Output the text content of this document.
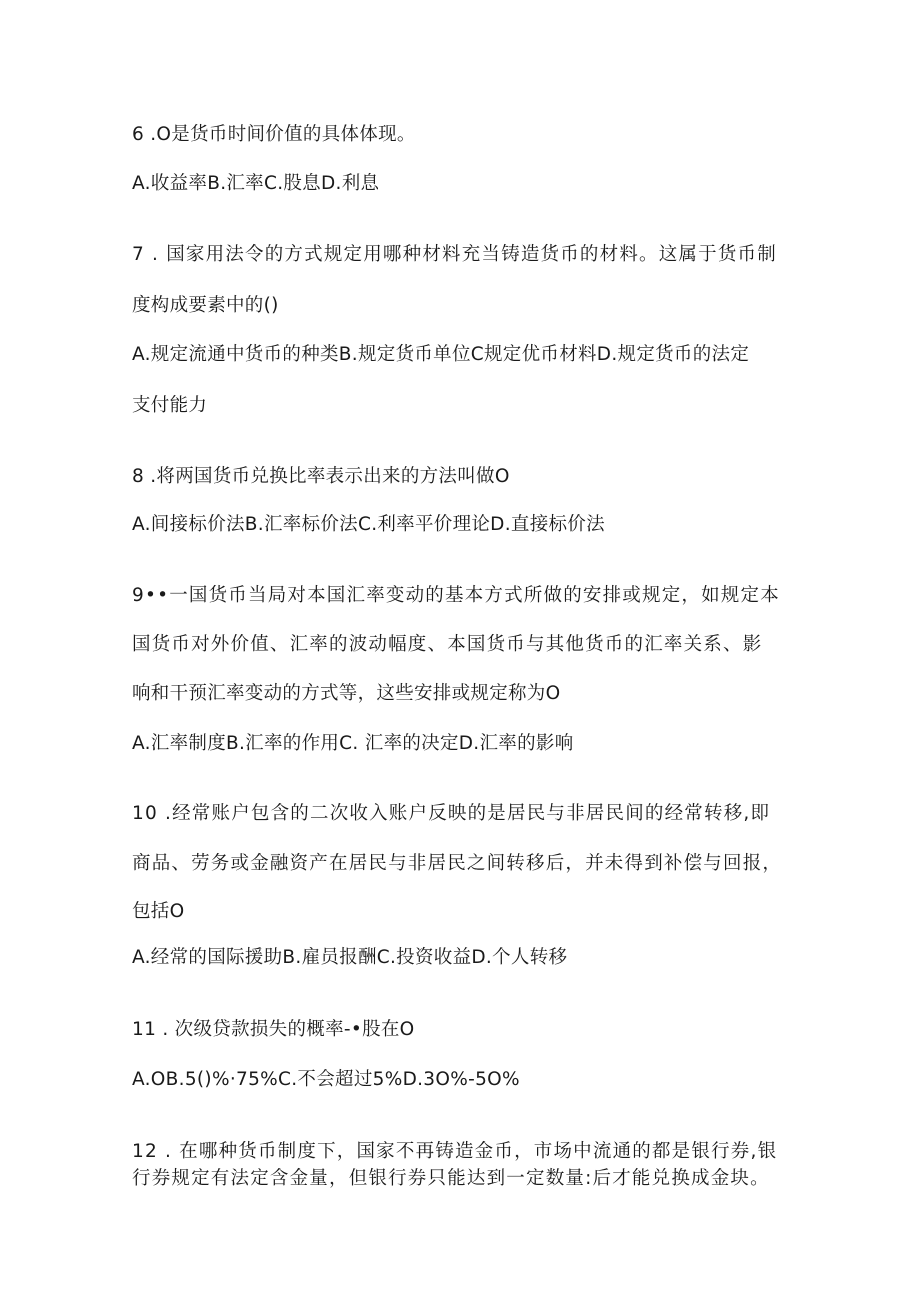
6 .O是货币时间价值的具体体现。
A.收益率B.汇率C.股息D.利息
7 . 国家用法令的方式规定用哪种材料充当铸造货币的材料。这属于货币制
度构成要素中的()
A.规定流通中货币的种类B.规定货币单位C规定优币材料D.规定货币的法定
支付能力
8 .将两国货币兑换比率表示出来的方法叫做O
A.间接标价法B.汇率标价法C.利率平价理论D.直接标价法
9••一国货币当局对本国汇率变动的基本方式所做的安排或规定，如规定本
国货币对外价值、汇率的波动幅度、本国货币与其他货币的汇率关系、影
响和干预汇率变动的方式等，这些安排或规定称为O
A.汇率制度B.汇率的作用C. 汇率的决定D.汇率的影响
10 .经常账户包含的二次收入账户反映的是居民与非居民间的经常转移,即
商品、劳务或金融资产在居民与非居民之间转移后，并未得到补偿与回报，
包括O
A.经常的国际援助B.雇员报酬C.投资收益D.个人转移
11 . 次级贷款损失的概率-•股在O
A.OB.5()%·75%C.不会超过5%D.3O%-5O%
12 . 在哪种货币制度下，国家不再铸造金币，市场中流通的都是银行券,银
行券规定有法定含金量，但银行券只能达到一定数量:后才能兑换成金块。
